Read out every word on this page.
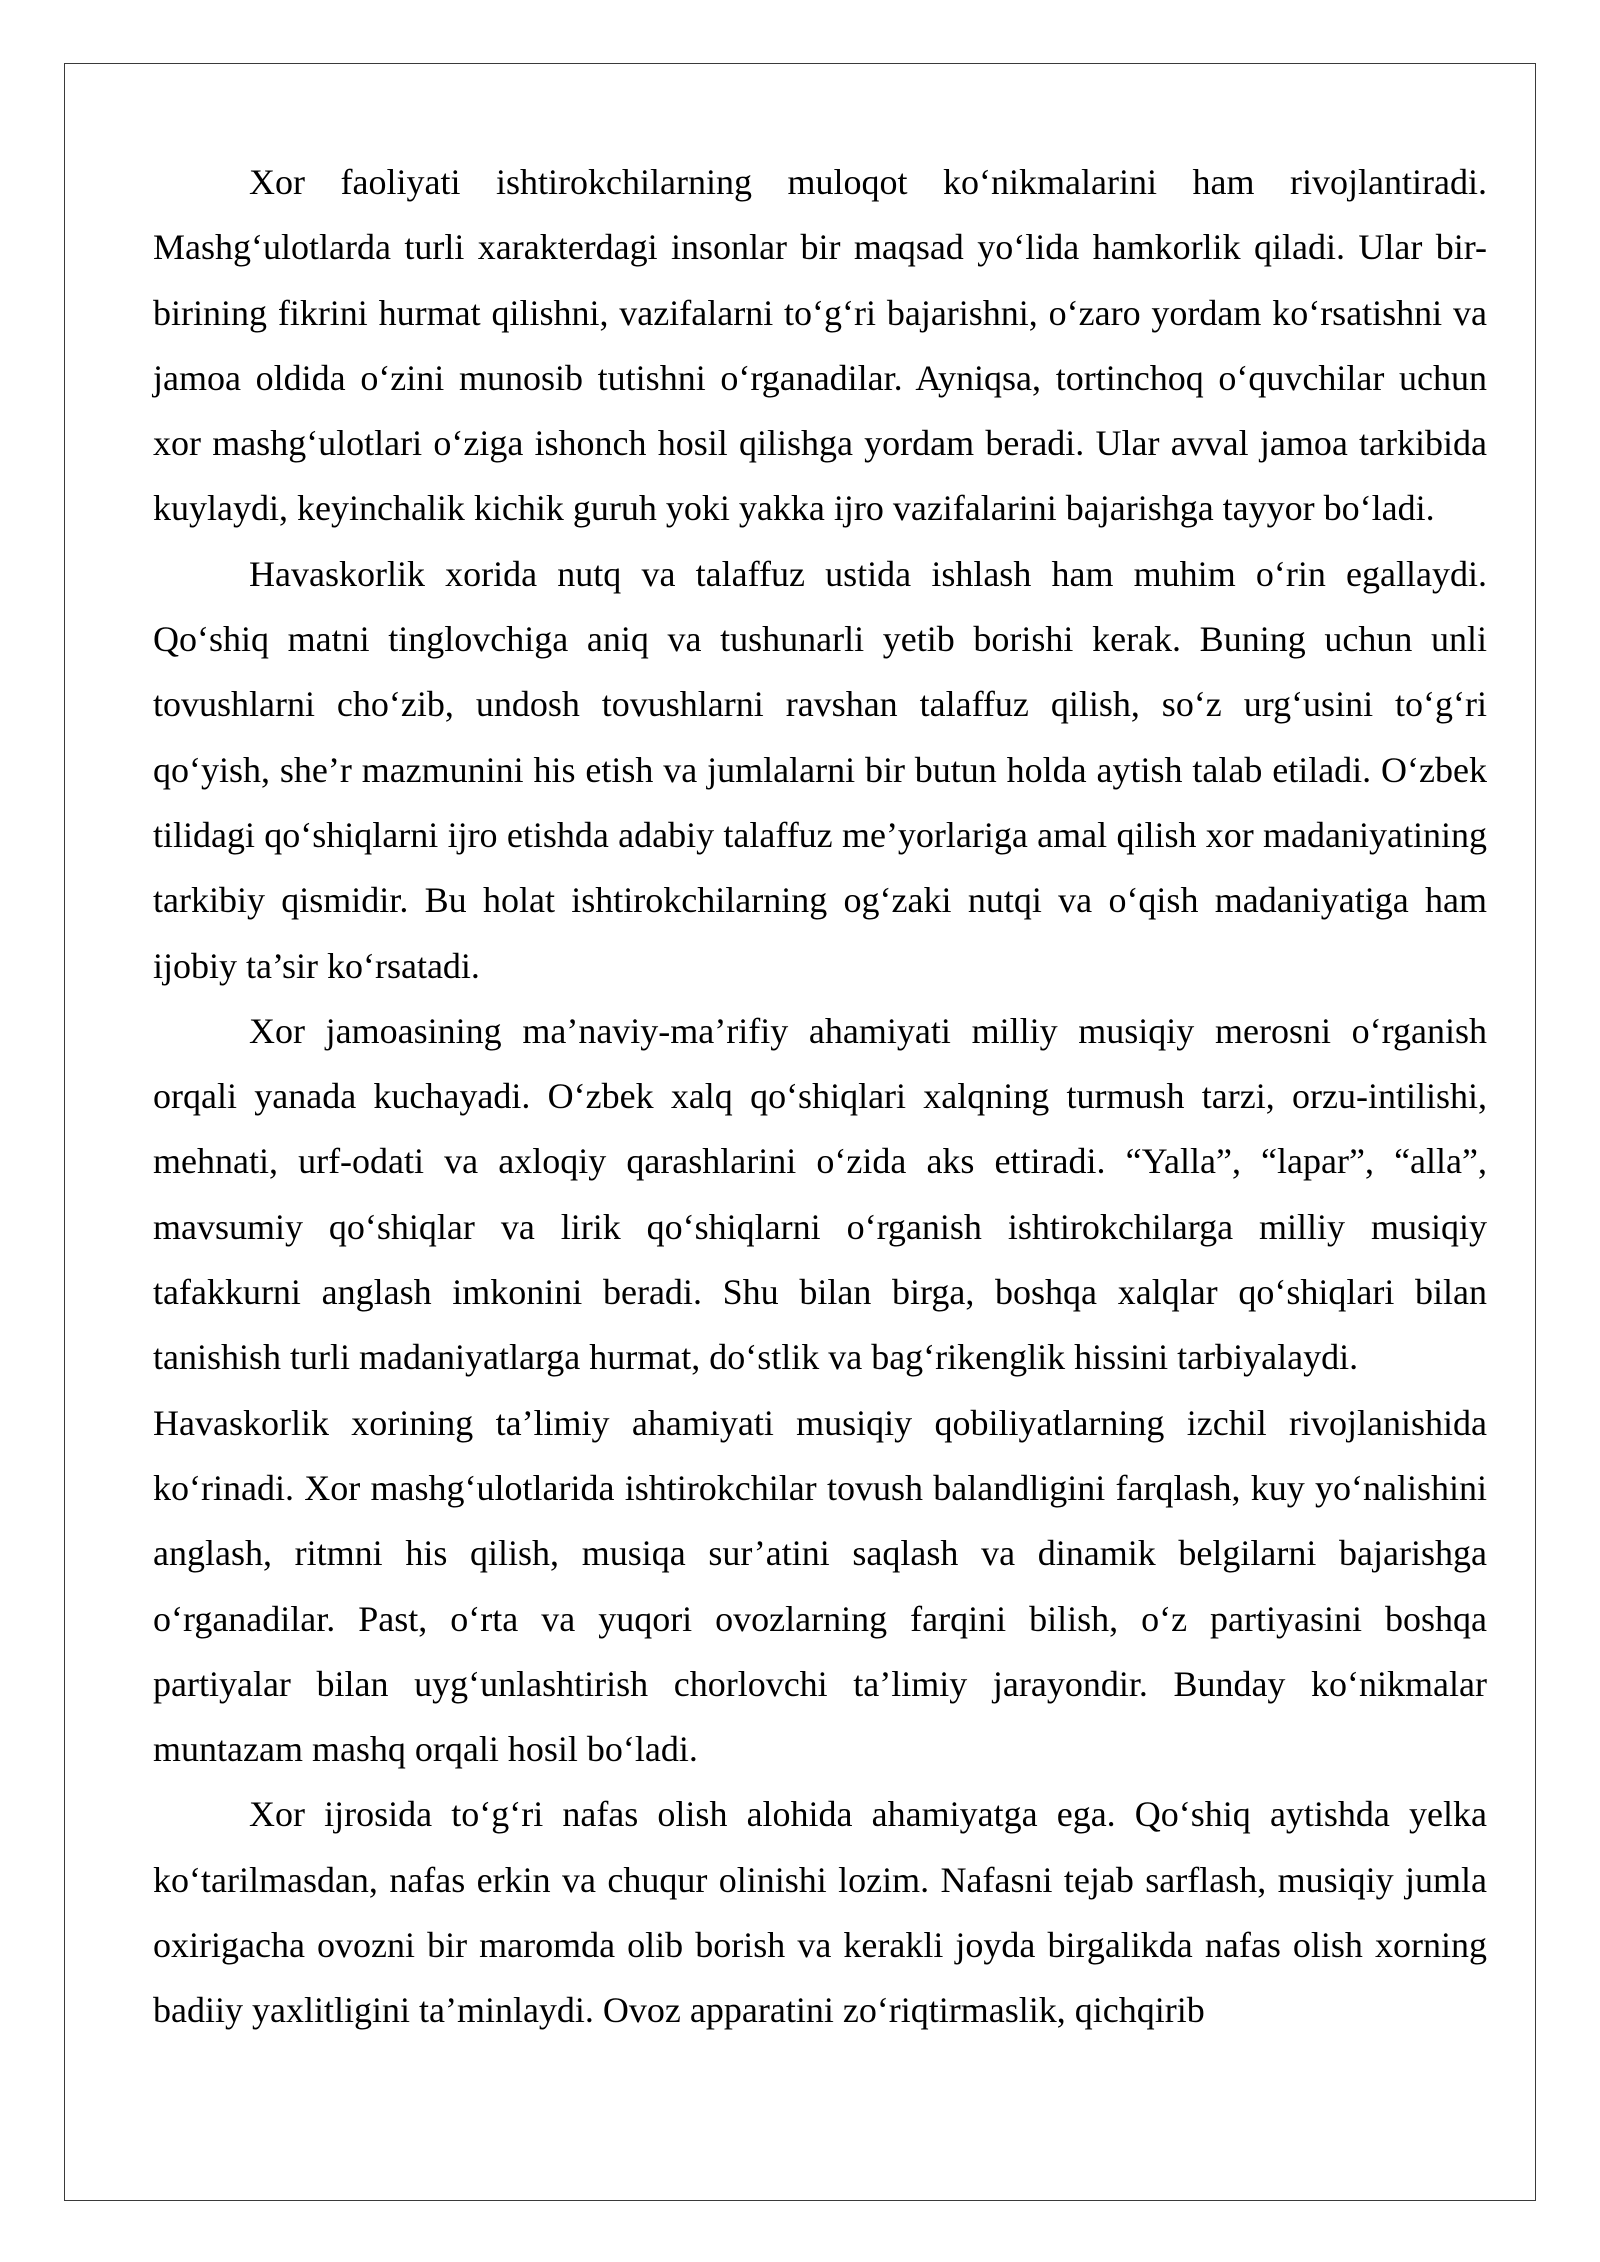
Xor faoliyati ishtirokchilarning muloqot ko‘nikmalarini ham rivojlantiradi. Mashg‘ulotlarda turli xarakterdagi insonlar bir maqsad yo‘lida hamkorlik qiladi. Ular bir-birining fikrini hurmat qilishni, vazifalarni to‘g‘ri bajarishni, o‘zaro yordam ko‘rsatishni va jamoa oldida o‘zini munosib tutishni o‘rganadilar. Ayniqsa, tortinchoq o‘quvchilar uchun xor mashg‘ulotlari o‘ziga ishonch hosil qilishga yordam beradi. Ular avval jamoa tarkibida kuylaydi, keyinchalik kichik guruh yoki yakka ijro vazifalarini bajarishga tayyor bo‘ladi.

Havaskorlik xorida nutq va talaffuz ustida ishlash ham muhim o‘rin egallaydi. Qo‘shiq matni tinglovchiga aniq va tushunarli yetib borishi kerak. Buning uchun unli tovushlarni cho‘zib, undosh tovushlarni ravshan talaffuz qilish, so‘z urg‘usini to‘g‘ri qo‘yish, she’r mazmunini his etish va jumlalarni bir butun holda aytish talab etiladi. O‘zbek tilidagi qo‘shiqlarni ijro etishda adabiy talaffuz me’yorlariga amal qilish xor madaniyatining tarkibiy qismidir. Bu holat ishtirokchilarning og‘zaki nutqi va o‘qish madaniyatiga ham ijobiy ta’sir ko‘rsatadi.

Xor jamoasining ma’naviy-ma’rifiy ahamiyati milliy musiqiy merosni o‘rganish orqali yanada kuchayadi. O‘zbek xalq qo‘shiqlari xalqning turmush tarzi, orzu-intilishi, mehnati, urf-odati va axloqiy qarashlarini o‘zida aks ettiradi. “Yalla”, “lapar”, “alla”, mavsumiy qo‘shiqlar va lirik qo‘shiqlarni o‘rganish ishtirokchilarga milliy musiqiy tafakkurni anglash imkonini beradi. Shu bilan birga, boshqa xalqlar qo‘shiqlari bilan tanishish turli madaniyatlarga hurmat, do‘stlik va bag‘rikenglik hissini tarbiyalaydi.

Havaskorlik xorining ta’limiy ahamiyati musiqiy qobiliyatlarning izchil rivojlanishida ko‘rinadi. Xor mashg‘ulotlarida ishtirokchilar tovush balandligini farqlash, kuy yo‘nalishini anglash, ritmni his qilish, musiqa sur’atini saqlash va dinamik belgilarni bajarishga o‘rganadilar. Past, o‘rta va yuqori ovozlarning farqini bilish, o‘z partiyasini boshqa partiyalar bilan uyg‘unlashtirish chorlovchi ta’limiy jarayondir. Bunday ko‘nikmalar muntazam mashq orqali hosil bo‘ladi.

Xor ijrosida to‘g‘ri nafas olish alohida ahamiyatga ega. Qo‘shiq aytishda yelka ko‘tarilmasdan, nafas erkin va chuqur olinishi lozim. Nafasni tejab sarflash, musiqiy jumla oxirigacha ovozni bir maromda olib borish va kerakli joyda birgalikda nafas olish xorning badiiy yaxlitligini ta’minlaydi. Ovoz apparatini zo‘riqtirmaslik, qichqirib
